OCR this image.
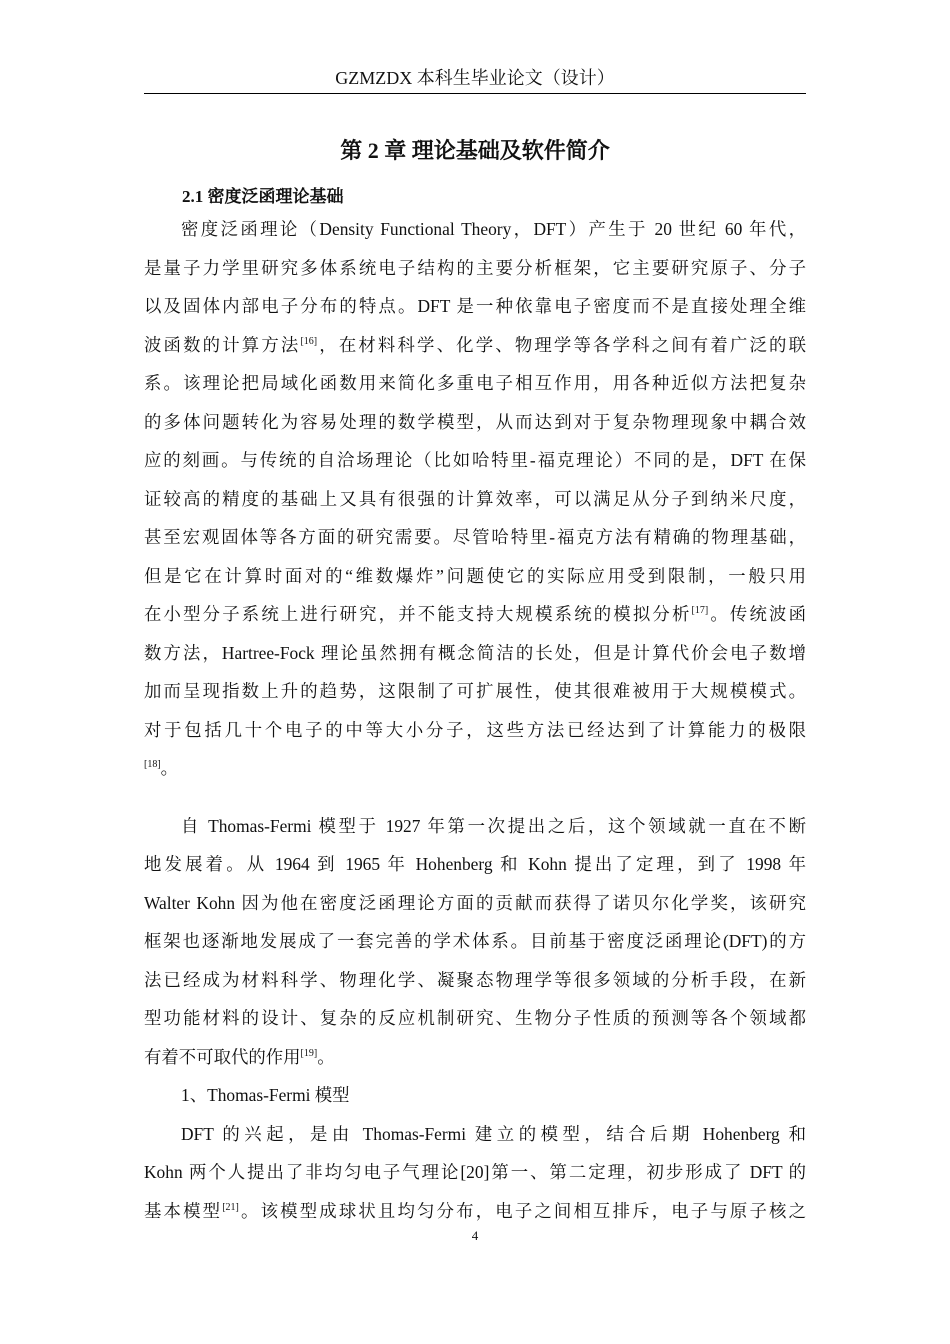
GZMZDX 本科生毕业论文（设计）
第 2 章 理论基础及软件简介
2.1 密度泛函理论基础
密度泛函理论（Density Functional Theory，DFT）产生于 20 世纪 60 年代，
是量子力学里研究多体系统电子结构的主要分析框架，它主要研究原子、分子
以及固体内部电子分布的特点。DFT 是一种依靠电子密度而不是直接处理全维
波函数的计算方法[16]，在材料科学、化学、物理学等各学科之间有着广泛的联
系。该理论把局域化函数用来简化多重电子相互作用，用各种近似方法把复杂
的多体问题转化为容易处理的数学模型，从而达到对于复杂物理现象中耦合效
应的刻画。与传统的自洽场理论（比如哈特里-福克理论）不同的是，DFT 在保
证较高的精度的基础上又具有很强的计算效率，可以满足从分子到纳米尺度，
甚至宏观固体等各方面的研究需要。尽管哈特里-福克方法有精确的物理基础，
但是它在计算时面对的“维数爆炸”问题使它的实际应用受到限制，一般只用
在小型分子系统上进行研究，并不能支持大规模系统的模拟分析[17]。传统波函
数方法，Hartree-Fock 理论虽然拥有概念简洁的长处，但是计算代价会电子数增
加而呈现指数上升的趋势，这限制了可扩展性，使其很难被用于大规模模式。
对于包括几十个电子的中等大小分子，这些方法已经达到了计算能力的极限
[18]。
自 Thomas-Fermi 模型于 1927 年第一次提出之后，这个领域就一直在不断
地发展着。从 1964 到 1965 年 Hohenberg 和 Kohn 提出了定理，到了 1998 年
Walter Kohn 因为他在密度泛函理论方面的贡献而获得了诺贝尔化学奖，该研究
框架也逐渐地发展成了一套完善的学术体系。目前基于密度泛函理论(DFT)的方
法已经成为材料科学、物理化学、凝聚态物理学等很多领域的分析手段，在新
型功能材料的设计、复杂的反应机制研究、生物分子性质的预测等各个领域都
有着不可取代的作用[19]。
1、Thomas-Fermi 模型
DFT 的兴起，是由 Thomas-Fermi 建立的模型，结合后期 Hohenberg 和
Kohn 两个人提出了非均匀电子气理论[20]第一、第二定理，初步形成了 DFT 的
基本模型[21]。该模型成球状且均匀分布，电子之间相互排斥，电子与原子核之
4
